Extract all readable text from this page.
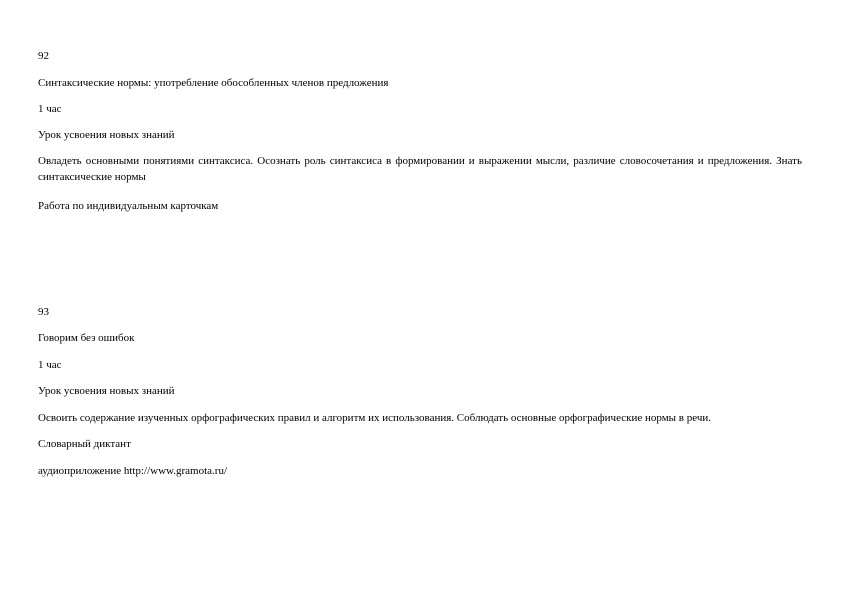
92
Синтаксические нормы: употребление обособленных членов предложения
1 час
Урок усвоения новых знаний
Овладеть основными понятиями синтаксиса. Осознать роль синтаксиса в формировании и выражении мысли, различие словосочетания и предложения. Знать синтаксические нормы
Работа по индивидуальным карточкам
93
Говорим без ошибок
1 час
Урок усвоения новых знаний
Освоить содержание изученных орфографических правил и алгоритм их использования. Соблюдать основные орфографические нормы в речи.
Словарный диктант
аудиоприложение http://www.gramota.ru/
